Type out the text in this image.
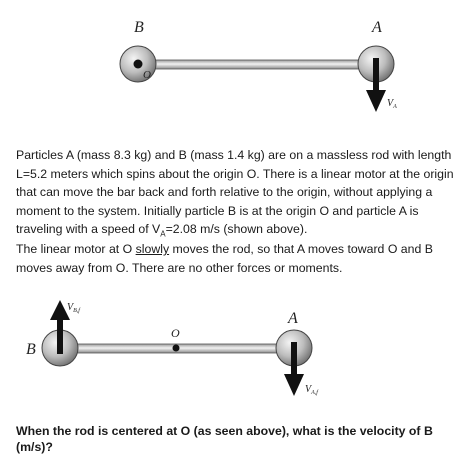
B	A
O
$V_A$

Particles A (mass 8.3 kg) and B (mass 1.4 kg) are on a massless rod with length L=5.2 meters which spins about the origin O. There is a linear motor at the origin that can move the bar back and forth relative to the origin, without applying a moment to the system. Initially particle B is at the origin O and particle A is traveling with a speed of $V_A=2.08$ m/s (shown above).

The linear motor at O slowly moves the rod, so that A moves toward O and B moves away from O. There are no other forces or moments.

B
A
O
$V_{B,f}$
$V_{A,f}$

When the rod is centered at O (as seen above), what is the velocity of B (m/s)?
